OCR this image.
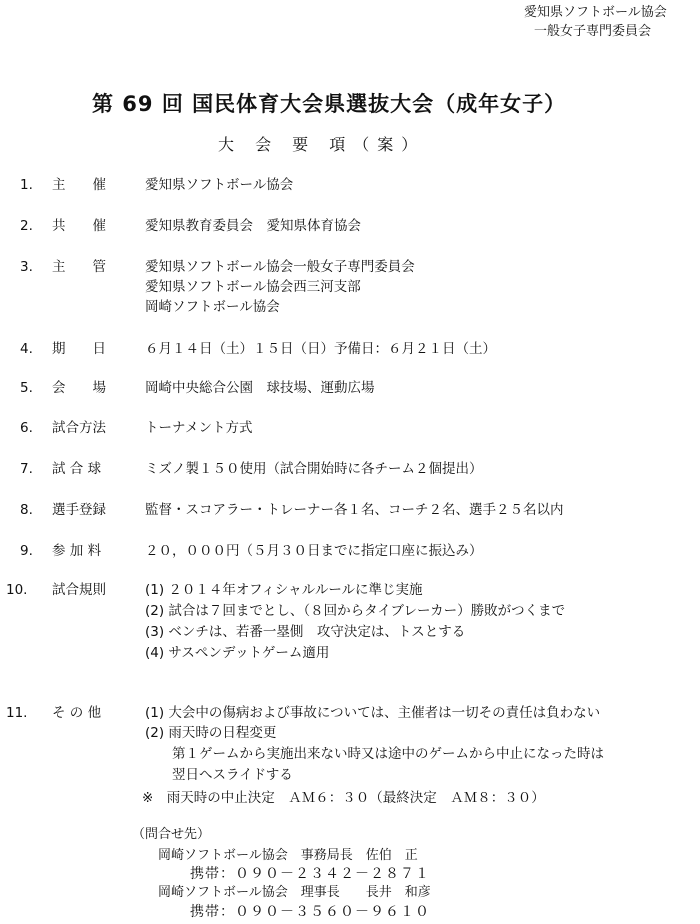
愛知県ソフトボール協会
一般女子専門委員会
第 69 回 国民体育大会県選抜大会（成年女子）
大 会 要 項（案）
1. 主　　催	愛知県ソフトボール協会
2. 共　　催	愛知県教育委員会　愛知県体育協会
3. 主　　管	愛知県ソフトボール協会一般女子専門委員会
愛知県ソフトボール協会西三河支部
岡崎ソフトボール協会
4. 期　　日	６月１４日（土）１５日（日）予備日：６月２１日（土）
5. 会　　場	岡崎中央総合公園　球技場、運動広場
6. 試合方法	トーナメント方式
7. 試 合 球	ミズノ製１５０使用（試合開始時に各チーム２個提出）
8. 選手登録	監督・スコアラー・トレーナー各１名、コーチ２名、選手２５名以内
9. 参 加 料	２０，０００円（５月３０日までに指定口座に振込み）
10. 試合規則	(1) ２０１４年オフィシャルルールに準じ実施
(2) 試合は７回までとし、（８回からタイブレーカー）勝敗がつくまで
(3) ベンチは、若番一塁側　攻守決定は、トスとする
(4) サスペンデットゲーム適用
11. そ の 他	(1) 大会中の傷病および事故については、主催者は一切その責任は負わない
(2) 雨天時の日程変更
第１ゲームから実施出来ない時又は途中のゲームから中止になった時は
翌日へスライドする
※　雨天時の中止決定　ＡＭ６：３０（最終決定　ＡＭ８：３０）
（問合せ先）
岡崎ソフトボール協会　事務局長　佐伯　正
携帯：０９０－２３４２－２８７１
岡崎ソフトボール協会　理事長　　長井　和彦
携帯：０９０－３５６０－９６１０
